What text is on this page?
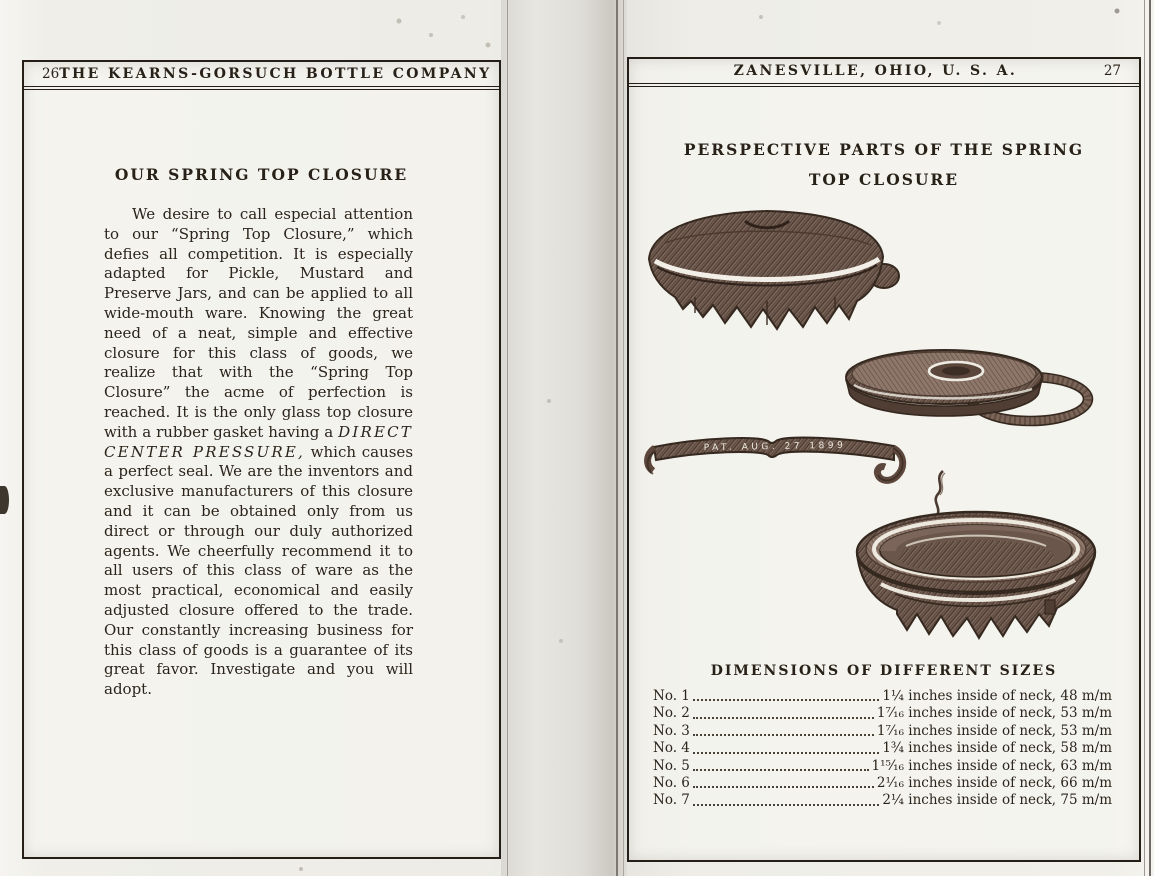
26 THE KEARNS-GORSUCH BOTTLE COMPANY
OUR SPRING TOP CLOSURE

We desire to call especial attention to our “Spring Top Closure,” which defies all competition. It is especially adapted for Pickle, Mustard and Preserve Jars, and can be applied to all wide-mouth ware. Knowing the great need of a neat, simple and effective closure for this class of goods, we realize that with the “Spring Top Closure” the acme of perfection is reached. It is the only glass top closure with a rubber gasket having a DIRECT CENTER PRESSURE, which causes a perfect seal. We are the inventors and exclusive manufacturers of this closure and it can be obtained only from us direct or through our duly authorized agents. We cheerfully recommend it to all users of this class of ware as the most practical, economical and easily adjusted closure offered to the trade. Our constantly increasing business for this class of goods is a guarantee of its great favor. Investigate and you will adopt.

ZANESVILLE, OHIO, U. S. A.	27
PERSPECTIVE PARTS OF THE SPRING
TOP CLOSURE
PAT. AUG. 27 1899
DIMENSIONS OF DIFFERENT SIZES
No. 1	1¼ inches inside of neck, 48 m/m
No. 2	1⁷⁄₁₆ inches inside of neck, 53 m/m
No. 3	1⁷⁄₁₆ inches inside of neck, 53 m/m
No. 4	1¾ inches inside of neck, 58 m/m
No. 5	1¹⁵⁄₁₆ inches inside of neck, 63 m/m
No. 6	2¹⁄₁₆ inches inside of neck, 66 m/m
No. 7	2¼ inches inside of neck, 75 m/m
